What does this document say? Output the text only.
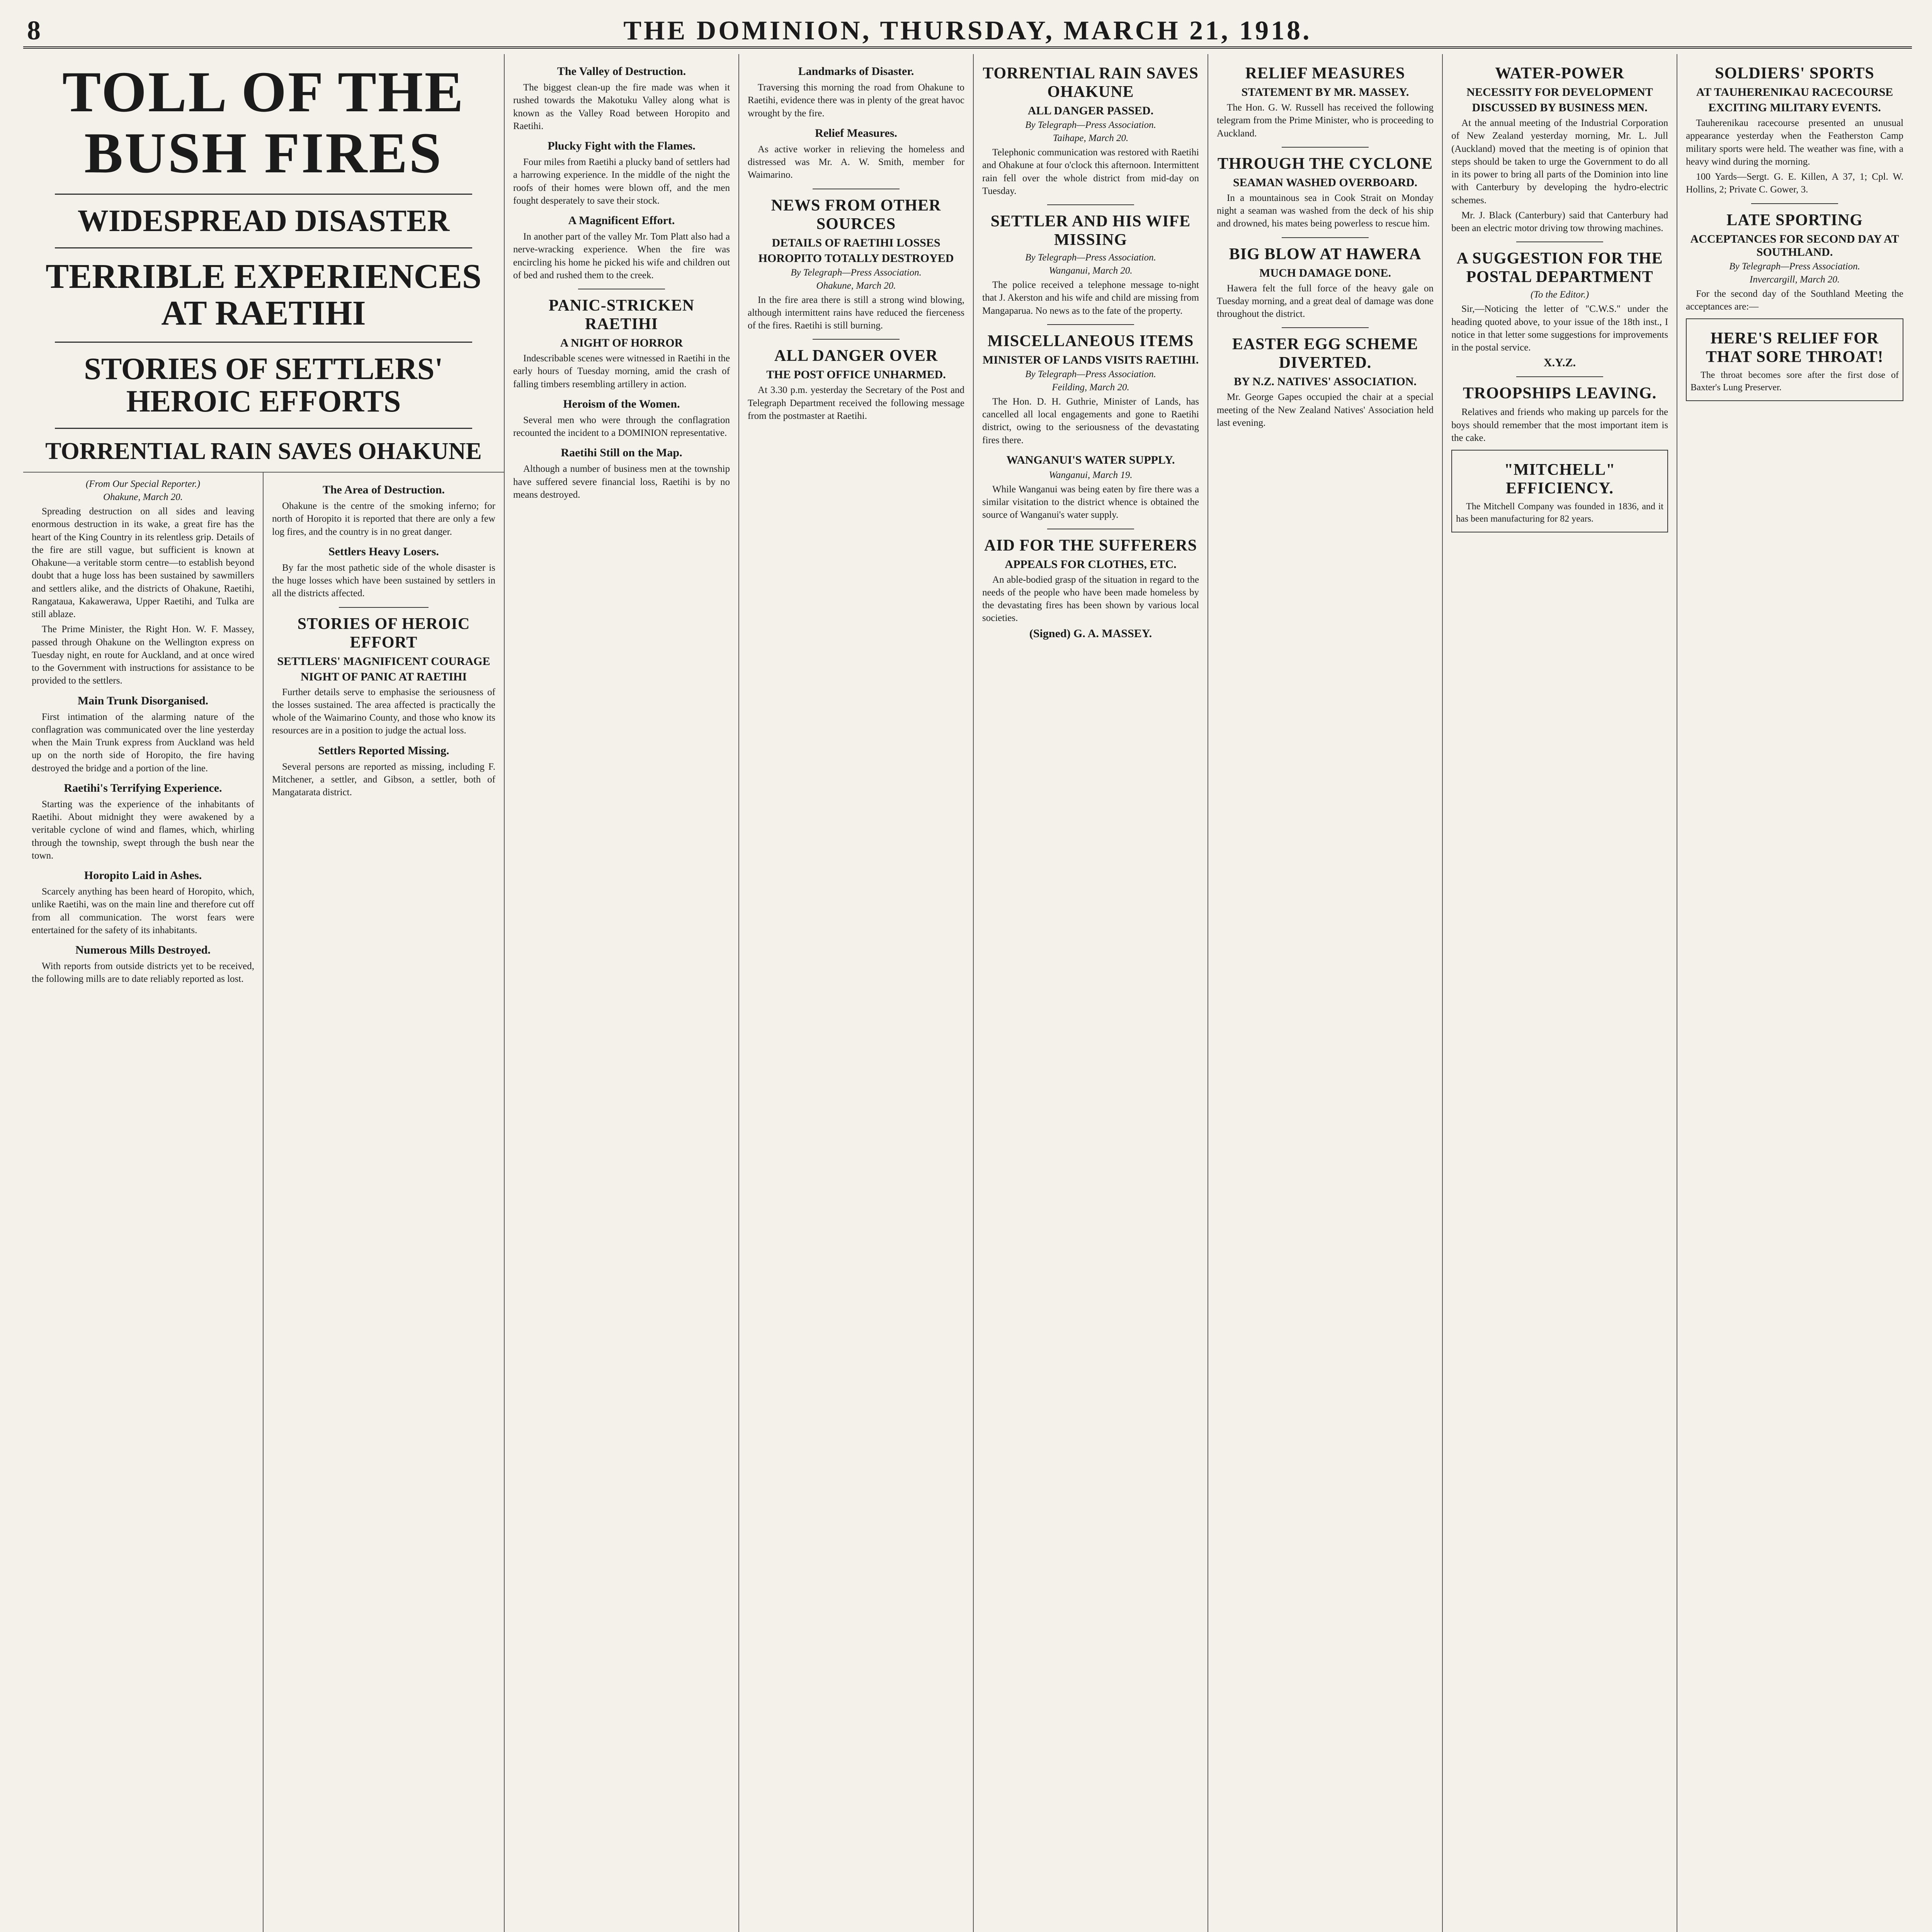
8	THE DOMINION, THURSDAY, MARCH 21, 1918.
TOLL OF THE BUSH FIRES
WIDESPREAD DISASTER
TERRIBLE EXPERIENCES AT RAETIHI
STORIES OF SETTLERS' HEROIC EFFORTS
TORRENTIAL RAIN SAVES OHAKUNE
(From Our Special Reporter.)
Ohakune, March 20.

Spreading destruction on all sides and leaving enormous destruction in its wake, a great fire has the heart of the King Country in its relentless grip. Details of the fire are still vague, but sufficient is known at Ohakune—a veritable storm centre—to establish beyond doubt that a huge loss has been sustained by sawmillers and settlers alike, and the districts of Ohakune, Raetihi, Rangataua, Kakawerawa, Upper Raetihi, and Tulka are still ablaze.

The Prime Minister, the Right Hon. W. F. Massey, passed through Ohakune on the Wellington express on Tuesday night, en route for Auckland, and at once wired to the Government with instructions for assistance to be provided to the settlers.

Main Trunk Disorganised.

First intimation of the alarming nature of the conflagration was communicated over the line yesterday when the Main Trunk express from Auckland was held up on the north side of Horopito, the fire having destroyed the bridge and a portion of the line.

Raetihi's Terrifying Experience.

Starting was the experience of the inhabitants of Raetihi. About midnight they were awakened by a veritable cyclone of wind and flames, which, whirling through the township, swept through the bush near the town.

Horopito Laid in Ashes.

Scarcely anything has been heard of Horopito, which, unlike Raetihi, was on the main line and therefore cut off from all communication. The worst fears were entertained for the safety of its inhabitants.

Numerous Mills Destroyed.

With reports from outside districts yet to be received, the following mills are to date reliably reported as lost.

The Area of Destruction.

Ohakune is the centre of the smoking inferno; for north of Horopito it is reported that there are only a few log fires, and the country is in no great danger.

Settlers Heavy Losers.

By far the most pathetic side of the whole disaster is the huge losses which have been sustained by settlers in all the districts affected.

STORIES OF HEROIC EFFORT
SETTLERS' MAGNIFICENT COURAGE
NIGHT OF PANIC AT RAETIHI

Further details serve to emphasise the seriousness of the losses sustained. The area affected is practically the whole of the Waimarino County, and those who know its resources are in a position to judge the actual loss.

Settlers Reported Missing.

Several persons are reported as missing, including F. Mitchener, a settler, and Gibson, a settler, both of Mangatarata district.

The Valley of Destruction.

The biggest clean-up the fire made was when it rushed towards the Makotuku Valley along what is known as the Valley Road between Horopito and Raetihi.

Plucky Fight with the Flames.

Four miles from Raetihi a plucky band of settlers had a harrowing experience. In the middle of the night the roofs of their homes were blown off, and the men fought desperately to save their stock.

A Magnificent Effort.

In another part of the valley Mr. Tom Platt also had a nerve-wracking experience. When the fire was encircling his home he picked his wife and children out of bed and rushed them to the creek.

PANIC-STRICKEN RAETIHI
A NIGHT OF HORROR

Indescribable scenes were witnessed in Raetihi in the early hours of Tuesday morning, amid the crash of falling timbers resembling artillery in action.

Heroism of the Women.

Several men who were through the conflagration recounted the incident to a DOMINION representative.

Raetihi Still on the Map.

Although a number of business men at the township have suffered severe financial loss, Raetihi is by no means destroyed.

Landmarks of Disaster.

Traversing this morning the road from Ohakune to Raetihi, evidence there was in plenty of the great havoc wrought by the fire.

Relief Measures.

As active worker in relieving the homeless and distressed was Mr. A. W. Smith, member for Waimarino.

NEWS FROM OTHER SOURCES
DETAILS OF RAETIHI LOSSES
HOROPITO TOTALLY DESTROYED
By Telegraph—Press Association.
Ohakune, March 20.

In the fire area there is still a strong wind blowing, although intermittent rains have reduced the fierceness of the fires. Raetihi is still burning.

ALL DANGER OVER
THE POST OFFICE UNHARMED.

At 3.30 p.m. yesterday the Secretary of the Post and Telegraph Department received the following message from the postmaster at Raetihi.

TORRENTIAL RAIN SAVES OHAKUNE
ALL DANGER PASSED.
By Telegraph—Press Association.
Taihape, March 20.

Telephonic communication was restored with Raetihi and Ohakune at four o'clock this afternoon. Intermittent rain fell over the whole district from mid-day on Tuesday.

SETTLER AND HIS WIFE MISSING
By Telegraph—Press Association.
Wanganui, March 20.

The police received a telephone message to-night that J. Akerston and his wife and child are missing from Mangaparua. No news as to the fate of the property.

MISCELLANEOUS ITEMS
MINISTER OF LANDS VISITS RAETIHI.
By Telegraph—Press Association.
Feilding, March 20.

The Hon. D. H. Guthrie, Minister of Lands, has cancelled all local engagements and gone to Raetihi district, owing to the seriousness of the devastating fires there.

WANGANUI'S WATER SUPPLY.
Wanganui, March 19.

While Wanganui was being eaten by fire there was a similar visitation to the district whence is obtained the source of Wanganui's water supply.

AID FOR THE SUFFERERS
APPEALS FOR CLOTHES, ETC.

An able-bodied grasp of the situation in regard to the needs of the people who have been made homeless by the devastating fires has been shown by various local societies.

(Signed) G. A. MASSEY.
RELIEF MEASURES
STATEMENT BY MR. MASSEY.

The Hon. G. W. Russell has received the following telegram from the Prime Minister, who is proceeding to Auckland.

THROUGH THE CYCLONE
SEAMAN WASHED OVERBOARD.

In a mountainous sea in Cook Strait on Monday night a seaman was washed from the deck of his ship and drowned, his mates being powerless to rescue him.

BIG BLOW AT HAWERA
MUCH DAMAGE DONE.

Hawera felt the full force of the heavy gale on Tuesday morning, and a great deal of damage was done throughout the district.

EASTER EGG SCHEME DIVERTED.
BY N.Z. NATIVES' ASSOCIATION.

Mr. George Gapes occupied the chair at a special meeting of the New Zealand Natives' Association held last evening.

WATER-POWER
NECESSITY FOR DEVELOPMENT
DISCUSSED BY BUSINESS MEN.

At the annual meeting of the Industrial Corporation of New Zealand yesterday morning, Mr. L. Jull (Auckland) moved that the meeting is of opinion that steps should be taken to urge the Government to do all in its power to bring all parts of the Dominion into line with Canterbury by developing the hydro-electric schemes.

Mr. J. Black (Canterbury) said that Canterbury had been an electric motor driving tow throwing machines.

A SUGGESTION FOR THE POSTAL DEPARTMENT
(To the Editor.)

Sir,—Noticing the letter of "C.W.S." under the heading quoted above, to your issue of the 18th inst., I notice in that letter some suggestions for improvements in the postal service.

X.Y.Z.
TROOPSHIPS LEAVING.

Relatives and friends who making up parcels for the boys should remember that the most important item is the cake.

"MITCHELL" EFFICIENCY.

The Mitchell Company was founded in 1836, and it has been manufacturing for 82 years.

SOLDIERS' SPORTS
AT TAUHERENIKAU RACECOURSE
EXCITING MILITARY EVENTS.

Tauherenikau racecourse presented an unusual appearance yesterday when the Featherston Camp military sports were held. The weather was fine, with a heavy wind during the morning.

100 Yards—Sergt. G. E. Killen, A 37, 1; Cpl. W. Hollins, 2; Private C. Gower, 3.

LATE SPORTING
ACCEPTANCES FOR SECOND DAY AT SOUTHLAND.
By Telegraph—Press Association.
Invercargill, March 20.

For the second day of the Southland Meeting the acceptances are:—

HERE'S RELIEF FOR THAT SORE THROAT!

The throat becomes sore after the first dose of Baxter's Lung Preserver.
